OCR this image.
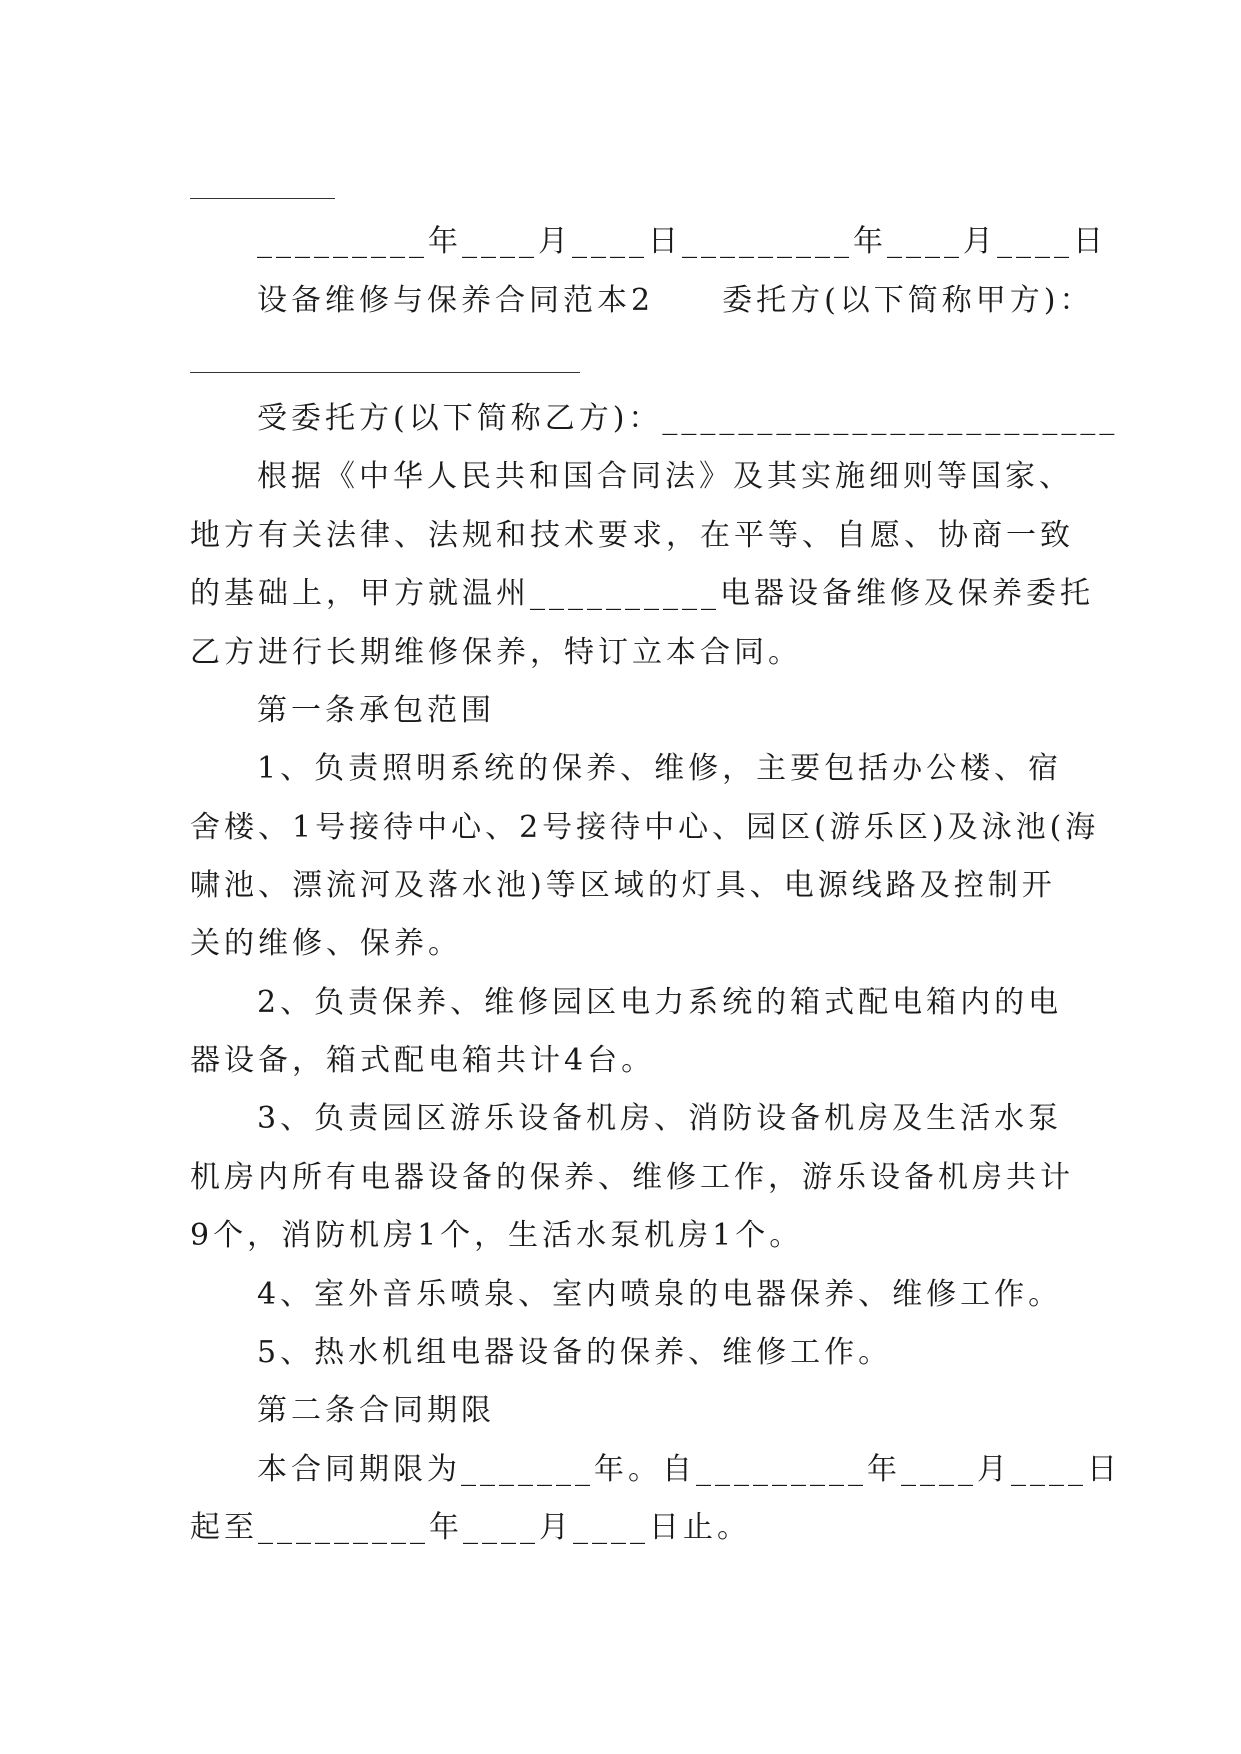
_________年____月____日_________年____月____日

设备维修与保养合同范本2　　委托方(以下简称甲方)：

受委托方(以下简称乙方)：________________________

根据《中华人民共和国合同法》及其实施细则等国家、

地方有关法律、法规和技术要求，在平等、自愿、协商一致

的基础上，甲方就温州__________电器设备维修及保养委托

乙方进行长期维修保养，特订立本合同。

第一条承包范围

1、负责照明系统的保养、维修，主要包括办公楼、宿

舍楼、1号接待中心、2号接待中心、园区(游乐区)及泳池(海

啸池、漂流河及落水池)等区域的灯具、电源线路及控制开

关的维修、保养。

2、负责保养、维修园区电力系统的箱式配电箱内的电

器设备，箱式配电箱共计4台。

3、负责园区游乐设备机房、消防设备机房及生活水泵

机房内所有电器设备的保养、维修工作，游乐设备机房共计

9个，消防机房1个，生活水泵机房1个。

4、室外音乐喷泉、室内喷泉的电器保养、维修工作。

5、热水机组电器设备的保养、维修工作。

第二条合同期限

本合同期限为_______年。自_________年____月____日

起至_________年____月____日止。
